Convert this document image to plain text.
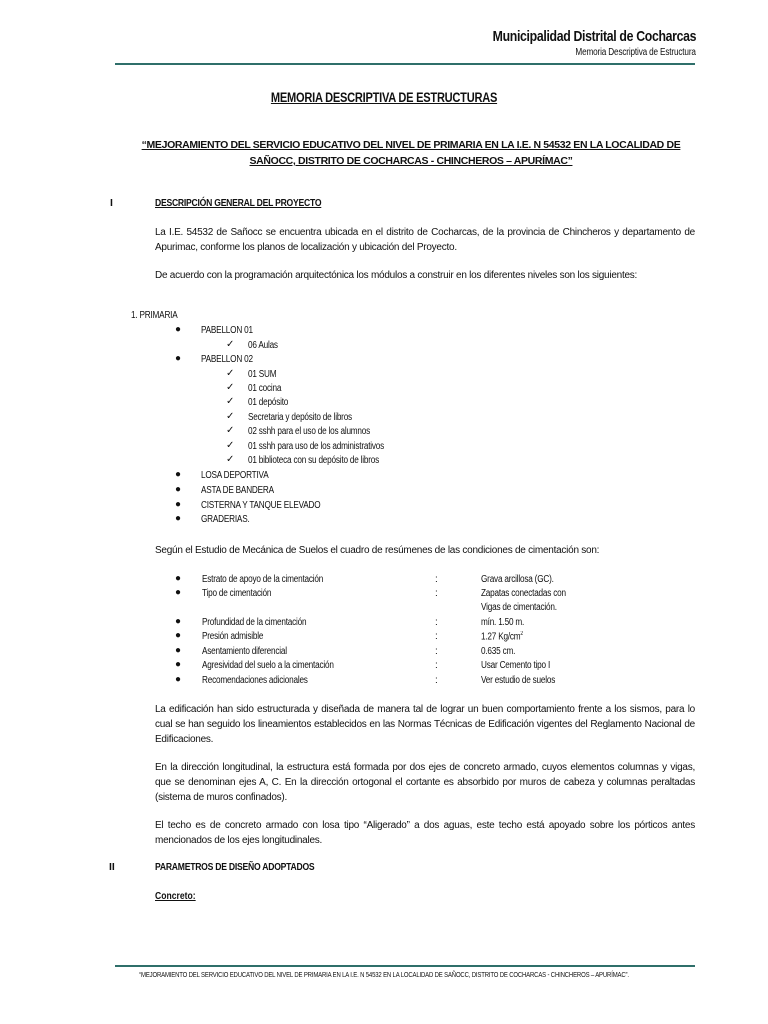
Municipalidad Distrital de Cocharcas
Memoria Descriptiva de Estructura
MEMORIA DESCRIPTIVA DE ESTRUCTURAS
“MEJORAMIENTO DEL SERVICIO EDUCATIVO DEL NIVEL DE PRIMARIA EN LA I.E. N 54532 EN LA LOCALIDAD DE SAÑOCC, DISTRITO DE COCHARCAS - CHINCHEROS – APURÍMAC”
I	DESCRIPCIÓN GENERAL DEL PROYECTO
La I.E. 54532 de Sañocc se encuentra ubicada en el distrito de Cocharcas, de la provincia de Chincheros y departamento de Apurimac, conforme los planos de localización y ubicación del Proyecto.
De acuerdo con la programación arquitectónica los módulos a construir en los diferentes niveles son los siguientes:
1. PRIMARIA
● PABELLON 01
✓ 06 Aulas
● PABELLON 02
✓ 01 SUM
✓ 01 cocina
✓ 01 depósito
✓ Secretaria y depósito de libros
✓ 02 sshh para el uso de los alumnos
✓ 01 sshh para uso de los administrativos
✓ 01 biblioteca con su depósito de libros
● LOSA DEPORTIVA
● ASTA DE BANDERA
● CISTERNA Y TANQUE ELEVADO
● GRADERIAS.
Según el Estudio de Mecánica de Suelos el cuadro de resúmenes de las condiciones de cimentación son:
● Estrato de apoyo de la cimentación	:	Grava arcillosa (GC).
● Tipo de cimentación	:	Zapatas conectadas con
Vigas de cimentación.
● Profundidad de la cimentación	:	mín. 1.50 m.
● Presión admisible	:	1.27 $Kg/cm^2$
● Asentamiento diferencial	:	0.635 cm.
● Agresividad del suelo a la cimentación	:	Usar Cemento tipo I
● Recomendaciones adicionales	:	Ver estudio de suelos
La edificación han sido estructurada y diseñada de manera tal de lograr un buen comportamiento frente a los sismos, para lo cual se han seguido los lineamientos establecidos en las Normas Técnicas de Edificación vigentes del Reglamento Nacional de Edificaciones.
En la dirección longitudinal, la estructura está formada por dos ejes de concreto armado, cuyos elementos columnas y vigas, que se denominan ejes A, C. En la dirección ortogonal el cortante es absorbido por muros de cabeza y columnas peraltadas (sistema de muros confinados).
El techo es de concreto armado con losa tipo “Aligerado” a dos aguas, este techo está apoyado sobre los pórticos antes mencionados de los ejes longitudinales.
II	PARAMETROS DE DISEÑO ADOPTADOS
Concreto:
“MEJORAMIENTO DEL SERVICIO EDUCATIVO DEL NIVEL DE PRIMARIA EN LA I.E. N 54532 EN LA LOCALIDAD DE SAÑOCC, DISTRITO DE COCHARCAS - CHINCHEROS – APURÍMAC”.
